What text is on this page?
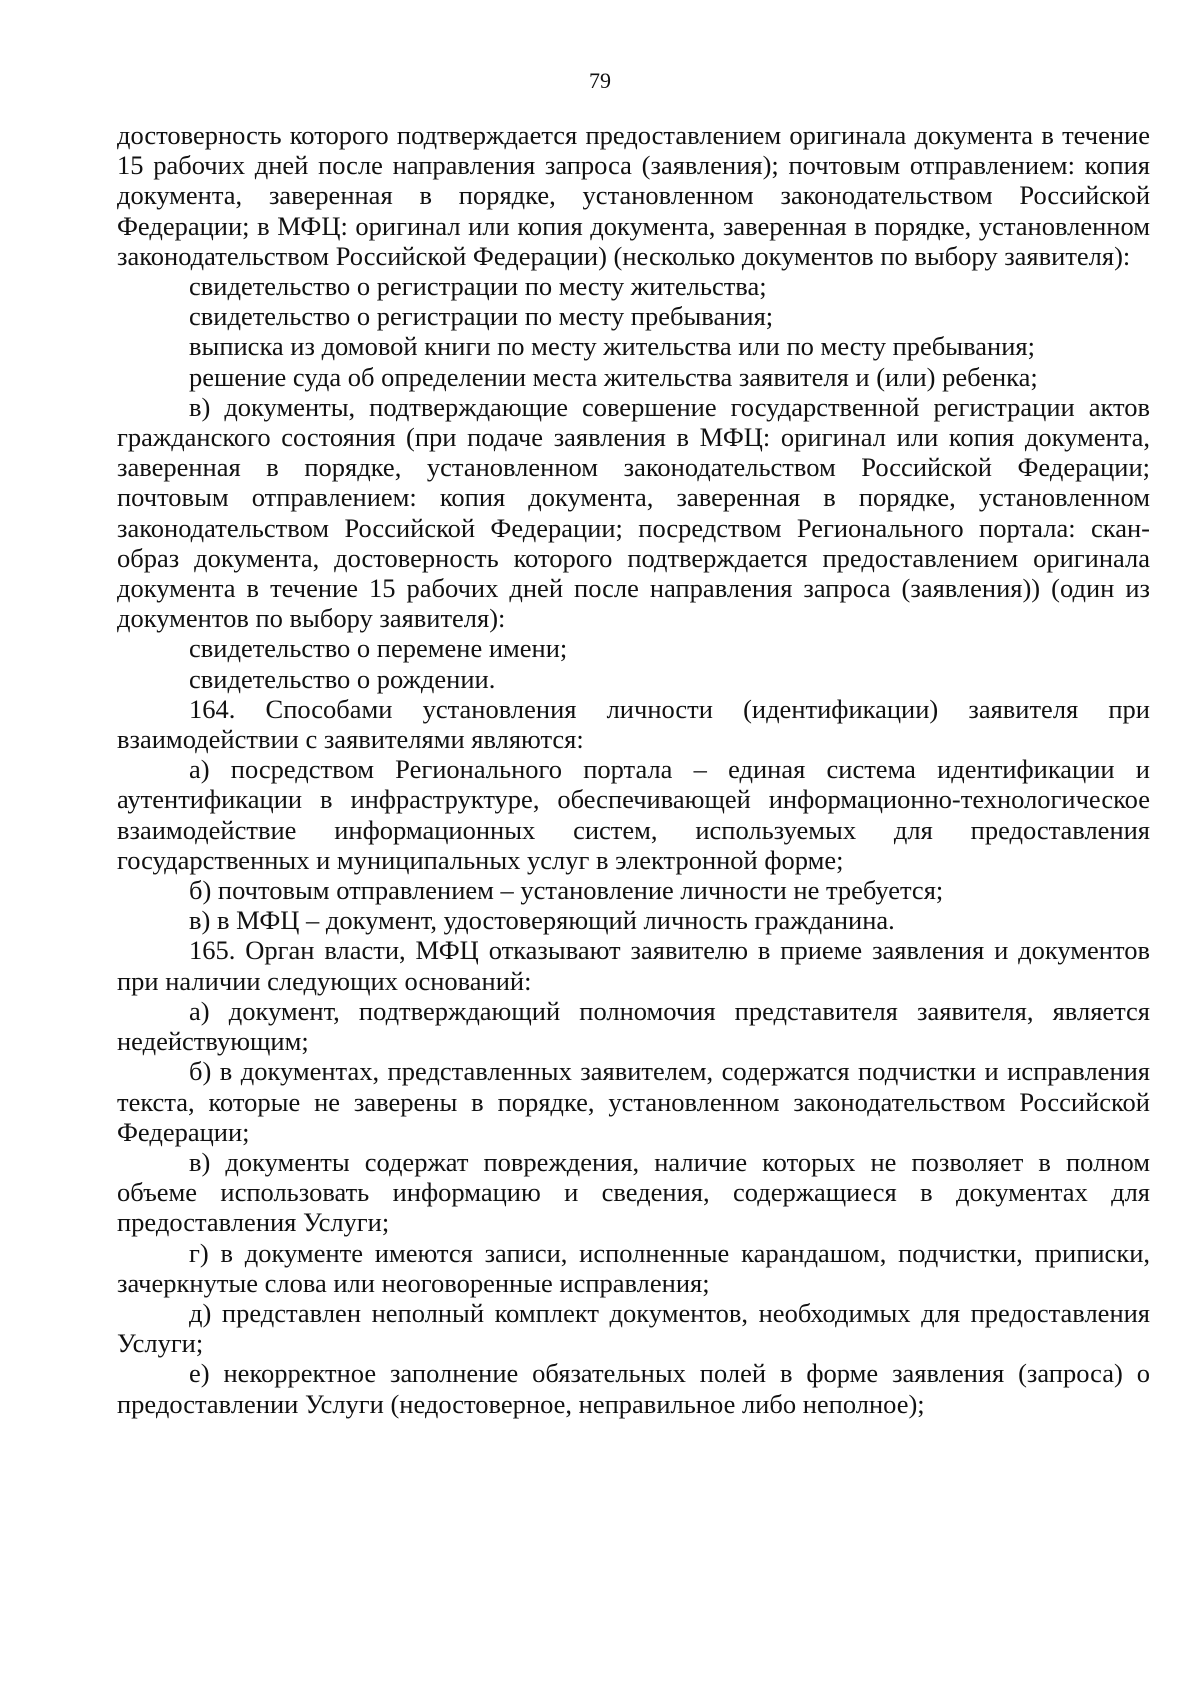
79

достоверность которого подтверждается предоставлением оригинала документа в течение 15 рабочих дней после направления запроса (заявления); почтовым отправлением: копия документа, заверенная в порядке, установленном законодательством Российской Федерации; в МФЦ: оригинал или копия документа, заверенная в порядке, установленном законодательством Российской Федерации) (несколько документов по выбору заявителя):

свидетельство о регистрации по месту жительства;

свидетельство о регистрации по месту пребывания;

выписка из домовой книги по месту жительства или по месту пребывания;

решение суда об определении места жительства заявителя и (или) ребенка;

в) документы, подтверждающие совершение государственной регистрации актов гражданского состояния (при подаче заявления в МФЦ: оригинал или копия документа, заверенная в порядке, установленном законодательством Российской Федерации; почтовым отправлением: копия документа, заверенная в порядке, установленном законодательством Российской Федерации; посредством Регионального портала: скан-образ документа, достоверность которого подтверждается предоставлением оригинала документа в течение 15 рабочих дней после направления запроса (заявления)) (один из документов по выбору заявителя):

свидетельство о перемене имени;

свидетельство о рождении.

164. Способами установления личности (идентификации) заявителя при взаимодействии с заявителями являются:

а) посредством Регионального портала – единая система идентификации и аутентификации в инфраструктуре, обеспечивающей информационно-технологическое взаимодействие информационных систем, используемых для предоставления государственных и муниципальных услуг в электронной форме;

б) почтовым отправлением – установление личности не требуется;

в) в МФЦ – документ, удостоверяющий личность гражданина.

165. Орган власти, МФЦ отказывают заявителю в приеме заявления и документов при наличии следующих оснований:

а) документ, подтверждающий полномочия представителя заявителя, является недействующим;

б) в документах, представленных заявителем, содержатся подчистки и исправления текста, которые не заверены в порядке, установленном законодательством Российской Федерации;

в) документы содержат повреждения, наличие которых не позволяет в полном объеме использовать информацию и сведения, содержащиеся в документах для предоставления Услуги;

г) в документе имеются записи, исполненные карандашом, подчистки, приписки, зачеркнутые слова или неоговоренные исправления;

д) представлен неполный комплект документов, необходимых для предоставления Услуги;

е) некорректное заполнение обязательных полей в форме заявления (запроса) о предоставлении Услуги (недостоверное, неправильное либо неполное);
